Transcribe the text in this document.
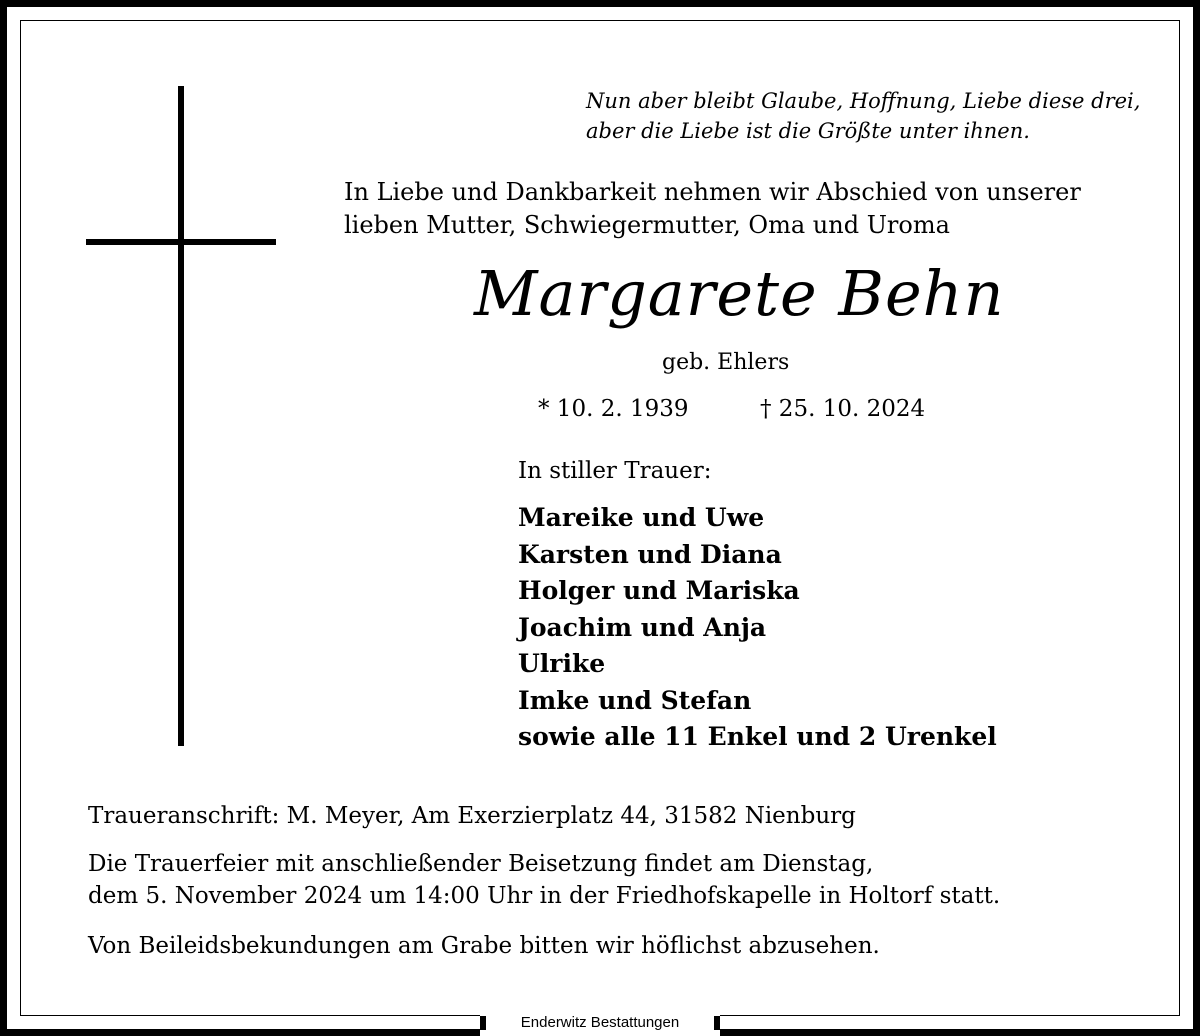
Nun aber bleibt Glaube, Hoffnung, Liebe diese drei,
aber die Liebe ist die Größte unter ihnen.
In Liebe und Dankbarkeit nehmen wir Abschied von unserer
lieben Mutter, Schwiegermutter, Oma und Uroma
Margarete Behn
geb. Ehlers
* 10. 2. 1939	† 25. 10. 2024
In stiller Trauer:
Mareike und Uwe
Karsten und Diana
Holger und Mariska
Joachim und Anja
Ulrike
Imke und Stefan
sowie alle 11 Enkel und 2 Urenkel
Traueranschrift: M. Meyer, Am Exerzierplatz 44, 31582 Nienburg
Die Trauerfeier mit anschließender Beisetzung findet am Dienstag,
dem 5. November 2024 um 14:00 Uhr in der Friedhofskapelle in Holtorf statt.
Von Beileidsbekundungen am Grabe bitten wir höflichst abzusehen.
Enderwitz Bestattungen
